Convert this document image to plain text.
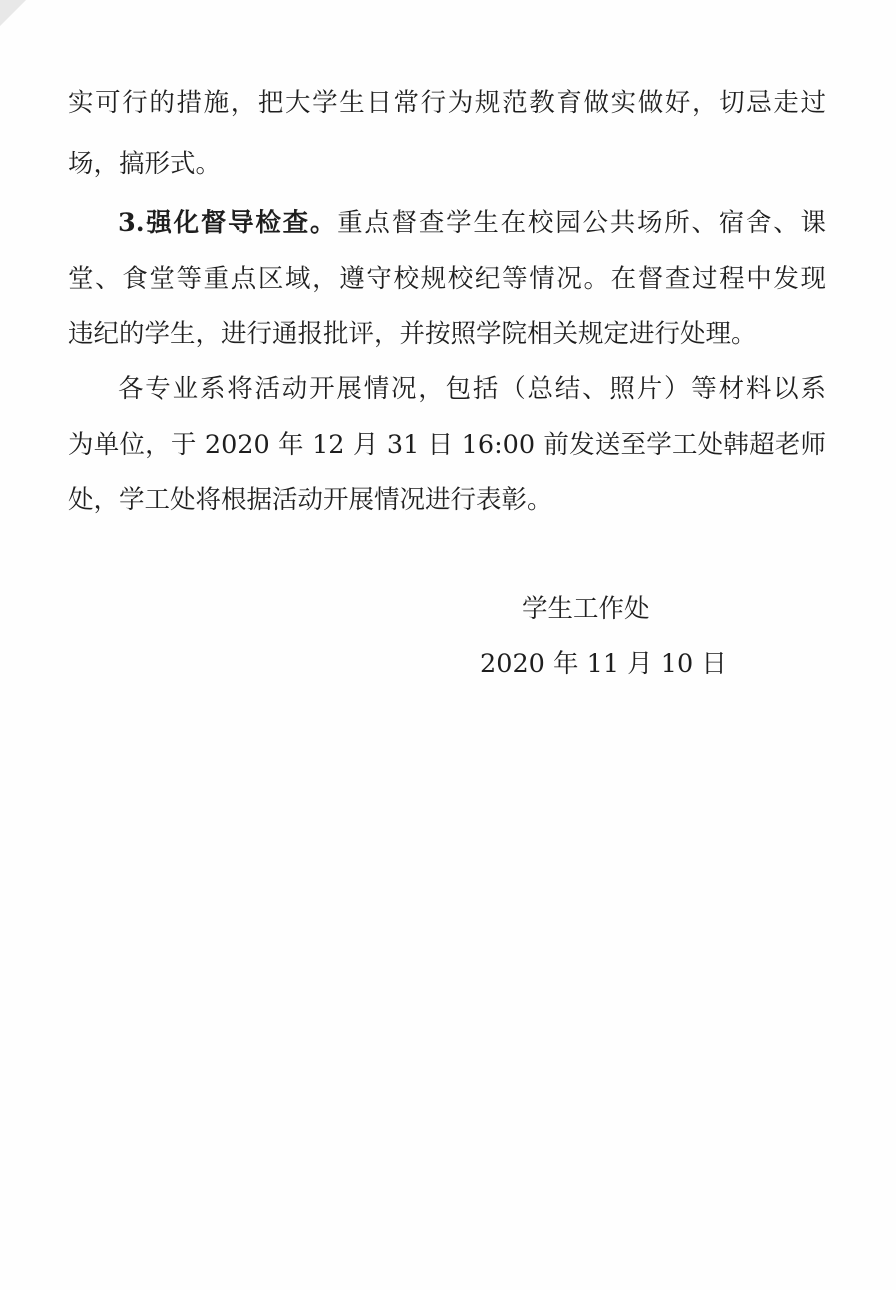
实可行的措施，把大学生日常行为规范教育做实做好，切忌走过
场，搞形式。
3.强化督导检查。重点督查学生在校园公共场所、宿舍、课
堂、食堂等重点区域，遵守校规校纪等情况。在督查过程中发现
违纪的学生，进行通报批评，并按照学院相关规定进行处理。
各专业系将活动开展情况，包括（总结、照片）等材料以系
为单位，于 2020 年 12 月 31 日 16:00 前发送至学工处韩超老师
处，学工处将根据活动开展情况进行表彰。
学生工作处
2020 年 11 月 10 日
